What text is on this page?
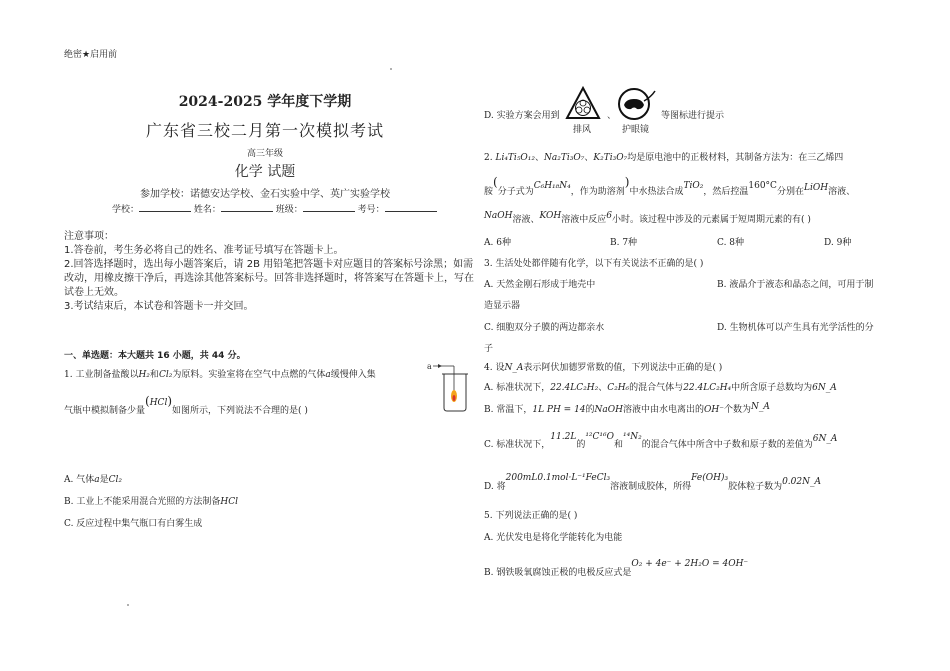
绝密★启用前
2024-2025 学年度下学期
广东省三校二月第一次模拟考试
高三年级
化学 试题
参加学校：诺德安达学校、金石实验中学、英广实验学校
学校：	姓名：	班级：	考号：
注意事项：
1.答卷前，考生务必将自己的姓名、准考证号填写在答题卡上。
2.回答选择题时，选出每小题答案后，请 2B 用铅笔把答题卡对应题目的答案标号涂黑；如需
改动，用橡皮擦干净后，再选涂其他答案标号。回答非选择题时，将答案写在答题卡上，写在
试卷上无效。
3.考试结束后，本试卷和答题卡一并交回。
一、单选题：本大题共 16 小题，共 44 分。
1. 工业制备盐酸以H₂和Cl₂为原料。实验室将在空气中点燃的气体a缓慢伸入集
气瓶中模拟制备少量(HCl)如图所示，下列说法不合理的是( )
a
A. 气体a是Cl₂
B. 工业上不能采用混合光照的方法制备HCl
C. 反应过程中集气瓶口有白雾生成
D. 实验方案会用到
排风
、
护眼镜
等图标进行提示
2. Li₄Ti₅O₁₂、Na₂Ti₃O₇、K₂Ti₃O₇均是原电池中的正极材料，其制备方法为：在三乙烯四
胺(分子式为C₆H₁₈N₄，作为助溶剂)中水热法合成TiO₂，然后控温160°C分别在LiOH溶液、
NaOH溶液、KOH溶液中反应6小时。该过程中涉及的元素属于短周期元素的有( )
A. 6种	B. 7种	C. 8种	D. 9种
3. 生活处处都伴随有化学，以下有关说法不正确的是( )
A. 天然金刚石形成于地壳中	B. 液晶介于液态和晶态之间，可用于制
造显示器
C. 细胞双分子膜的两边都亲水	D. 生物机体可以产生具有光学活性的分
子
4. 设N_A表示阿伏加德罗常数的值，下列说法中正确的是( )
A. 标准状况下，22.4LC₂H₂、C₂H₆的混合气体与22.4LC₂H₄中所含原子总数均为6N_A
B. 常温下，1L PH = 14的NaOH溶液中由水电离出的OH⁻个数为N_A
C. 标准状况下，11.2L的¹²C¹⁶O和¹⁴N₂的混合气体中所含中子数和原子数的差值为6N_A
D. 将200mL0.1mol·L⁻¹FeCl₃溶液制成胶体，所得Fe(OH)₃胶体粒子数为0.02N_A
5. 下列说法正确的是( )
A. 光伏发电是将化学能转化为电能
B. 钢铁吸氧腐蚀正极的电极反应式是O₂ + 4e⁻ + 2H₂O = 4OH⁻
